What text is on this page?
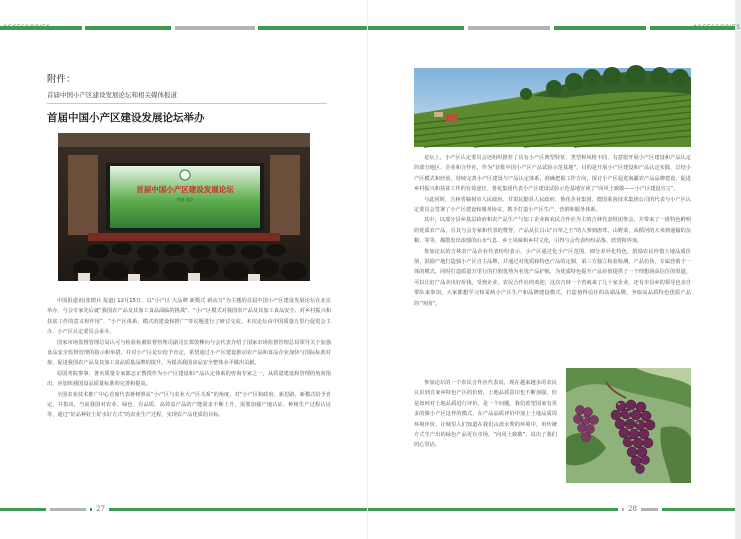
ACCESSORIES
附件：
首届中国小产区建设发展论坛和相关媒体报道
首届中国小产区建设发展论坛举办
首届中国小产区建设发展论坛
中国·北京

中国报道讯(张德兵 报道) 12月15日，以“小产区 大品牌 新模式 新动力”为主题的首届中国小产区建设发展论坛在北京举办。与会专家先后就“我国农产品及其加工食品面临的挑战”、“小产区模式对我国农产品及其加工食品安全、对乡村振兴和扶贫工作的意义和作用”、“小产区体系、模式的建设和推广”等议题进行了研讨交流。本次论坛由中国质量万里行促进会主办、小产区认定委员会承办。

国家市场监督管理总局认可与检验检测监督管理司副司长郑敦柳向与会代表介绍了国家市场监督管理总局领导关于加强食品安全监督管理的指示和举措，并对小产区论坛给予肯定，希望通过小产区建设推动农产品和食品企业加快与国际标准对接，促进我国农产品及其加工食品质量品牌的提升，为提高我国食品安全整体水平做出贡献。

原国务院参事、著名质量专家郎志正教授作为小产区建设和产品认定体系的咨询专家之一，从质量建设和管理的角度指出，应加快我国食品质量标准的完善和提高。

全国农业技术推广中心首席代表蒋树照从“小产区与农业大产区关系”的角度，对“小产区和政府、新思路、新模式给予肯定，并指出，当前我国对农业、绿色、有品质、高效益产品的产能需求不断上升，需要加强产地认证、种植生产过程认证等，通过“好品种好土好水好方式”的农业生产过程，实现农产品优质的目标。

27
ACCESSORIES

论坛上，小产区认定委员会还组织推荐了具有小产区典型特征、类型和风格不同、有意愿开展小产区建设和产品认定的部分地区、企业和合作社，作为“首批中国小产区产品试验示范基地”，目的是开展小产区建设和产品认定实践，总结小产区模式和经验，持续完善小产区建设与产品认定体系，准确把握工作方向，探讨小产区促进南疆农产品品牌建设、促进乡村振兴和扶贫工作的有效途径。鲁花集团代表小产区建设试验示范基地宣读了“向风土致敬——小产区建设宣言”。

与此同时，吉林省榆树市人民政府、甘肃民勤县人民政府、鲁花企业集团、德国莱茵技术集团公司的代表与小产区认定委员会签署了小产区建设和服务协议，携手打造小产区生产、营销和服务体系。

其中，以部分县乡基层政府和农产品生产与加工企业和农民合作社为主的吉林代表组团参会，并带来了一批特色鲜明的优质农产品，引其与会专家和代表的赞誉。产品从长白山“百草之王”的人参到唐茸、山野菜，从稻河的大米到通榆的杂粮、等等，都散发出浓郁的山水气息、乡土风味和乡村文化，引得与会代表纷纷品鉴、欣赏和咨询。

参加论坛的吉林农产品企业代表纷纷表示，小产区通过化小产区范围，细分差异化特色，鼓励农民珍惜土地品质价值，鼓励产地打造独小产区自主品牌，并通过对优质和特色产品的定制，第三方独立检验检测、产品仿伪，专属营销于一体的模式，同时打造质量万里行的打假优势为名优产品护航，为优质特色提升产品价值提供了一个理想场高信任的渠道，可以让好产品卖出好价钱，受到企业、农民合作社的欢迎，这次吉林一个省就来了几十家企业，还有市县乡的领导也亲自带队来参加，大家都想学习和采纳小产区生产和品牌建设模式，打造值得信任的高端品牌，争取高品质特色优质产品的“突围”。

参加论坛的一个农民合作社代表说，现在越来越多的农民认识到自家乡特色产区的价值，土地品质意识也不断加强，但是如何对土地品质进行评价，是一个问题。我们希望国家有更多的像小产区这样的模式，在产品品质评价中加上土地品质周环境评价，让城里人们知道在我们山清水秀的环境中，用传统方式生产出的绿色产品更有市场，“向风土致敬”，说出了我们的心里话。

28
